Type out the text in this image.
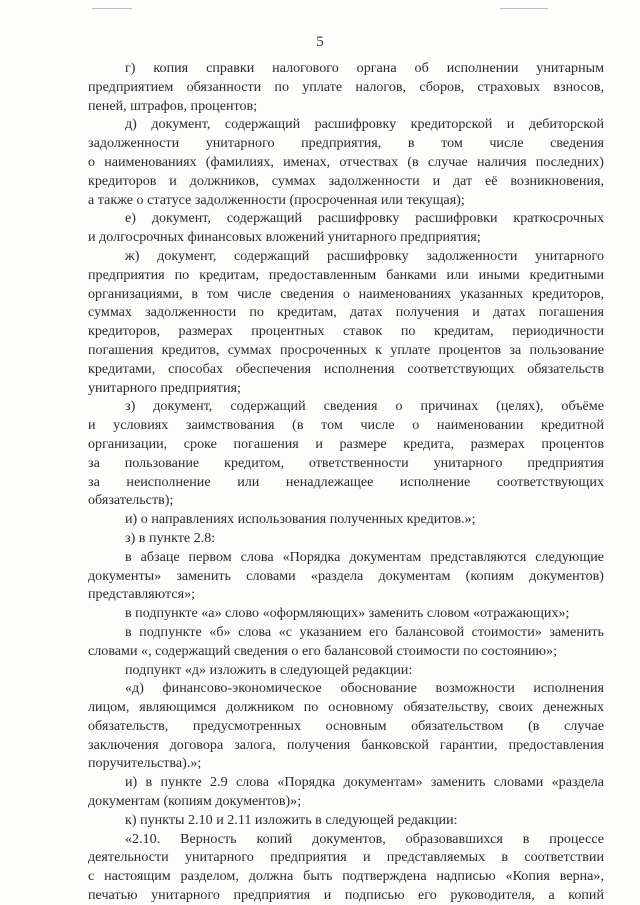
5
г) копия справки налогового органа об исполнении унитарным
предприятием обязанности по уплате налогов, сборов, страховых взносов,
пеней, штрафов, процентов;
д) документ, содержащий расшифровку кредиторской и дебиторской
задолженности унитарного предприятия, в том числе сведения
о наименованиях (фамилиях, именах, отчествах (в случае наличия последних)
кредиторов и должников, суммах задолженности и дат её возникновения,
а также о статусе задолженности (просроченная или текущая);
е) документ, содержащий расшифровку расшифровки краткосрочных
и долгосрочных финансовых вложений унитарного предприятия;
ж) документ, содержащий расшифровку задолженности унитарного
предприятия по кредитам, предоставленным банками или иными кредитными
организациями, в том числе сведения о наименованиях указанных кредиторов,
суммах задолженности по кредитам, датах получения и датах погашения
кредиторов, размерах процентных ставок по кредитам, периодичности
погашения кредитов, суммах просроченных к уплате процентов за пользование
кредитами, способах обеспечения исполнения соответствующих обязательств
унитарного предприятия;
з) документ, содержащий сведения о причинах (целях), объёме
и условиях заимствования (в том числе о наименовании кредитной
организации, сроке погашения и размере кредита, размерах процентов
за пользование кредитом, ответственности унитарного предприятия
за неисполнение или ненадлежащее исполнение соответствующих
обязательств);
и) о направлениях использования полученных кредитов.»;
з) в пункте 2.8:
в абзаце первом слова «Порядка документам представляются следующие
документы» заменить словами «раздела документам (копиям документов)
представляются»;
в подпункте «а» слово «оформляющих» заменить словом «отражающих»;
в подпункте «б» слова «с указанием его балансовой стоимости» заменить
словами «, содержащий сведения о его балансовой стоимости по состоянию»;
подпункт «д» изложить в следующей редакции:
«д) финансово-экономическое обоснование возможности исполнения
лицом, являющимся должником по основному обязательству, своих денежных
обязательств, предусмотренных основным обязательством (в случае
заключения договора залога, получения банковской гарантии, предоставления
поручительства).»;
и) в пункте 2.9 слова «Порядка документам» заменить словами «раздела
документам (копиям документов)»;
к) пункты 2.10 и 2.11 изложить в следующей редакции:
«2.10. Верность копий документов, образовавшихся в процессе
деятельности унитарного предприятия и представляемых в соответствии
с настоящим разделом, должна быть подтверждена надписью «Копия верна»,
печатью унитарного предприятия и подписью его руководителя, а копий
